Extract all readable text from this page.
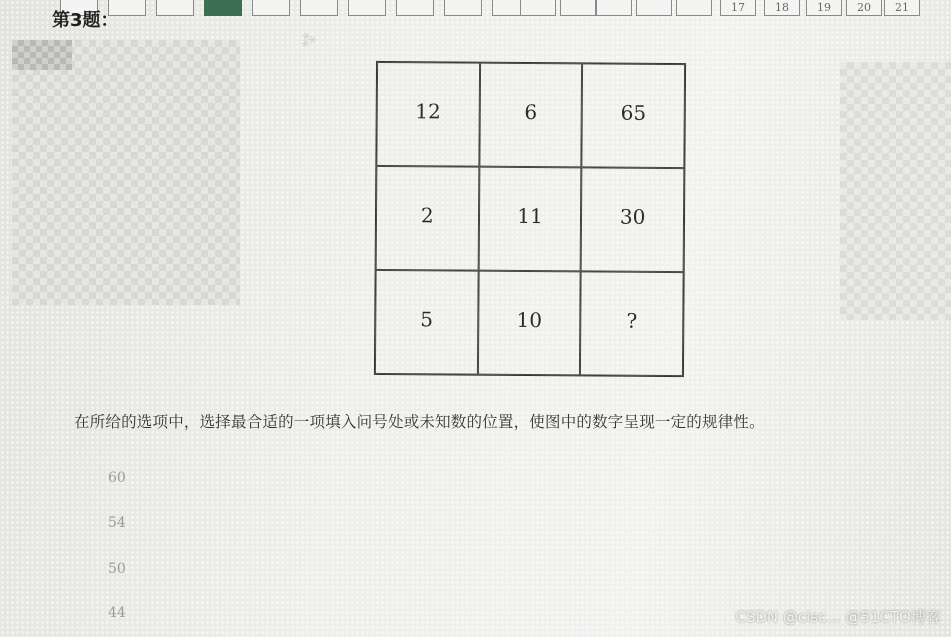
17	18	19	20	21
第3题：
⁂
12	6	65
2	11	30
5	10	?
在所给的选项中，选择最合适的一项填入问号处或未知数的位置，使图中的数字呈现一定的规律性。
60
54
50
44	CSDN @cisc... @51CTO博客
